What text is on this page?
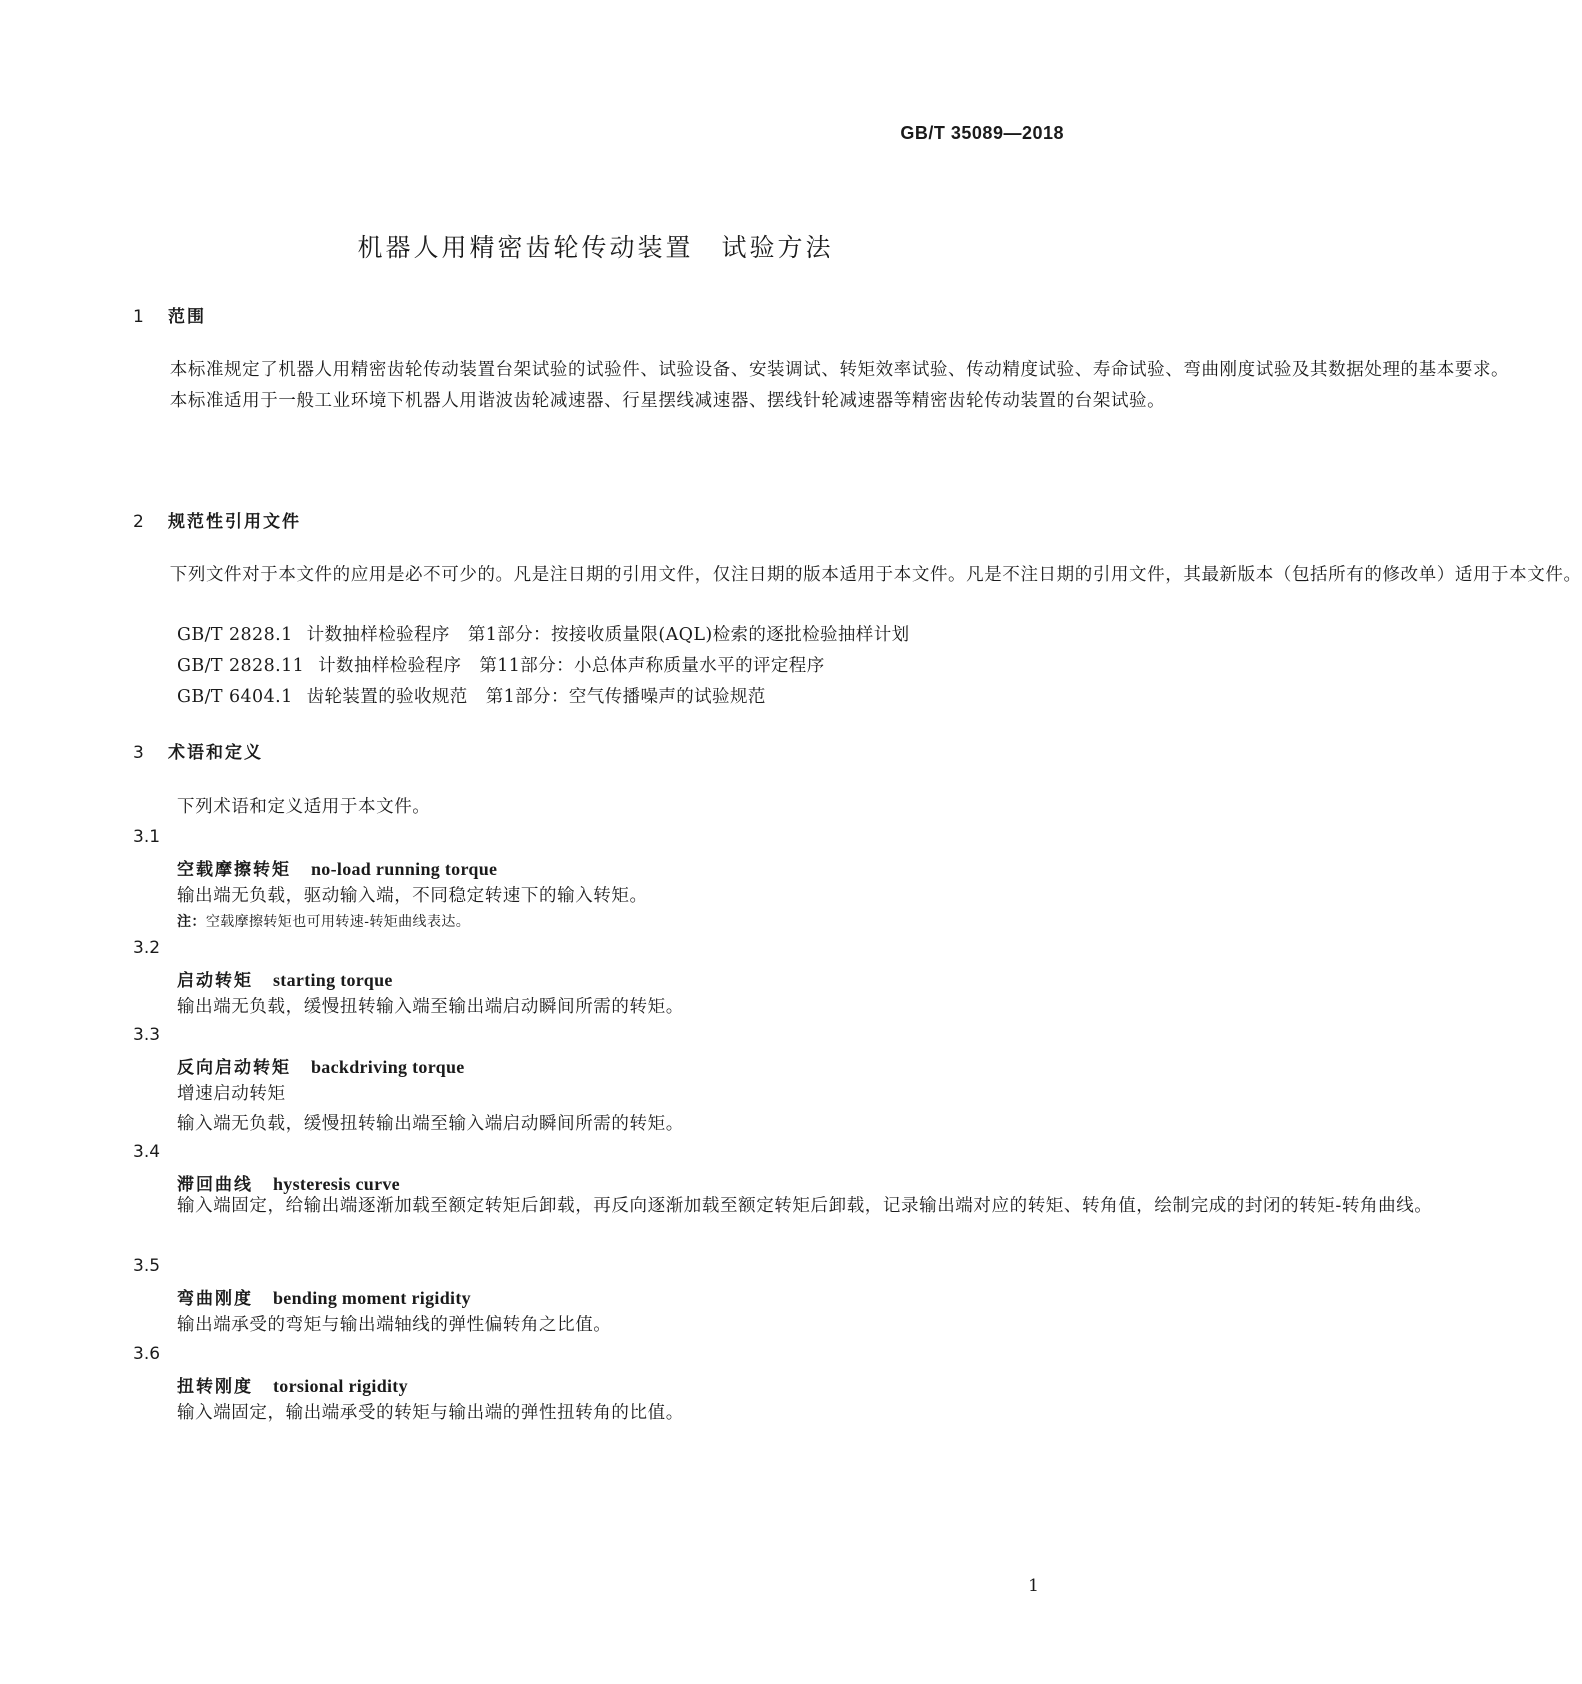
GB/T 35089—2018
机器人用精密齿轮传动装置　试验方法
1 范围

本标准规定了机器人用精密齿轮传动装置台架试验的试验件、试验设备、安装调试、转矩效率试验、传动精度试验、寿命试验、弯曲刚度试验及其数据处理的基本要求。

本标准适用于一般工业环境下机器人用谐波齿轮减速器、行星摆线减速器、摆线针轮减速器等精密齿轮传动装置的台架试验。

2 规范性引用文件

下列文件对于本文件的应用是必不可少的。凡是注日期的引用文件，仅注日期的版本适用于本文件。凡是不注日期的引用文件，其最新版本（包括所有的修改单）适用于本文件。

GB/T 2828.1 计数抽样检验程序 第1部分：按接收质量限(AQL)检索的逐批检验抽样计划
GB/T 2828.11 计数抽样检验程序 第11部分：小总体声称质量水平的评定程序
GB/T 6404.1 齿轮装置的验收规范 第1部分：空气传播噪声的试验规范
3 术语和定义
下列术语和定义适用于本文件。
3.1
空载摩擦转矩 no-load running torque
输出端无负载，驱动输入端，不同稳定转速下的输入转矩。
注：空载摩擦转矩也可用转速-转矩曲线表达。
3.2
启动转矩 starting torque
输出端无负载，缓慢扭转输入端至输出端启动瞬间所需的转矩。
3.3
反向启动转矩 backdriving torque
增速启动转矩
输入端无负载，缓慢扭转输出端至输入端启动瞬间所需的转矩。
3.4
滞回曲线 hysteresis curve

输入端固定，给输出端逐渐加载至额定转矩后卸载，再反向逐渐加载至额定转矩后卸载，记录输出端对应的转矩、转角值，绘制完成的封闭的转矩-转角曲线。

3.5
弯曲刚度 bending moment rigidity
输出端承受的弯矩与输出端轴线的弹性偏转角之比值。
3.6
扭转刚度 torsional rigidity
输入端固定，输出端承受的转矩与输出端的弹性扭转角的比值。
1
